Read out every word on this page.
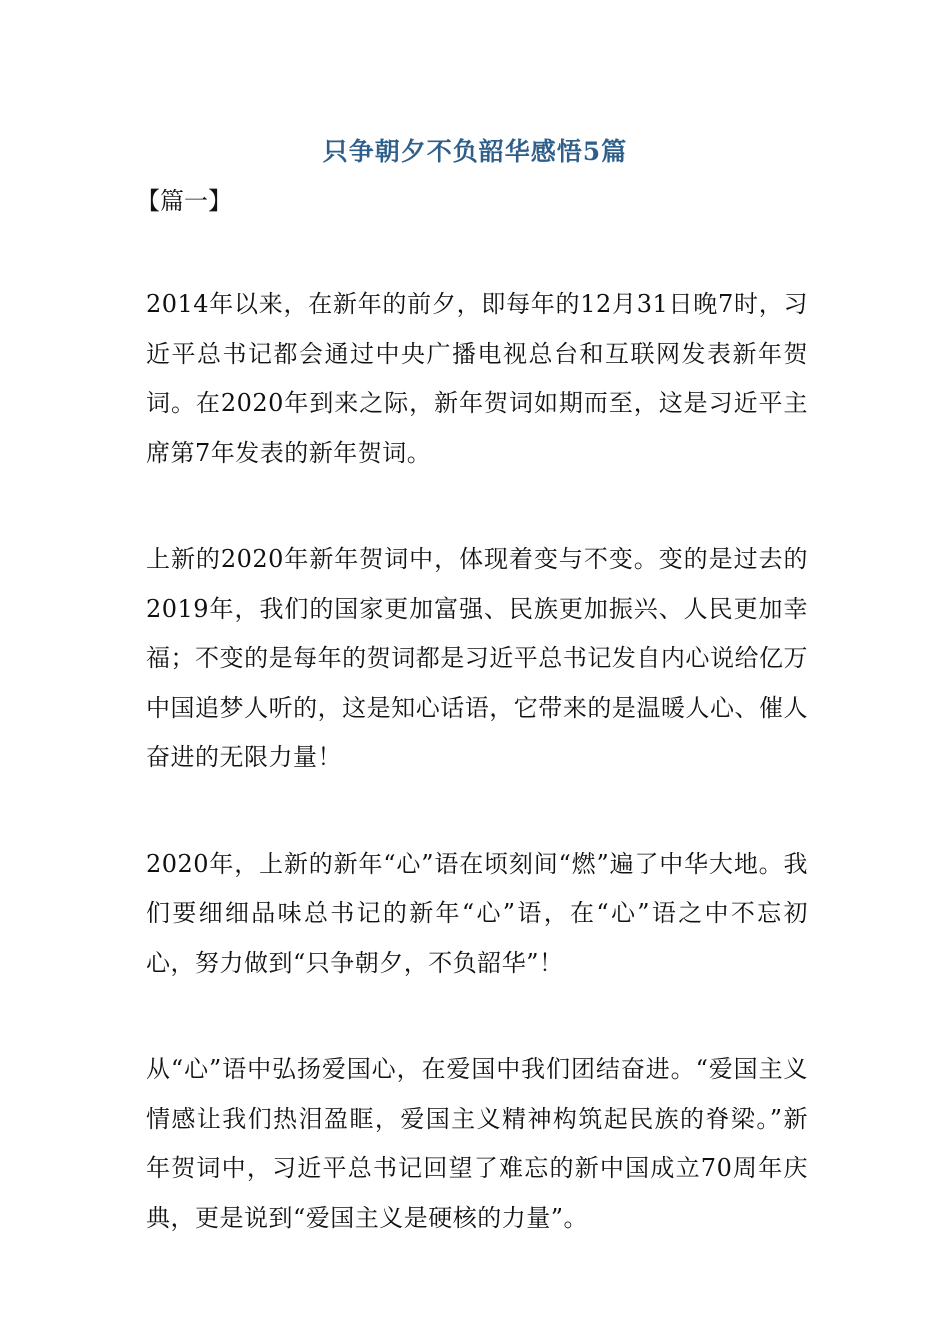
只争朝夕不负韶华感悟5篇

【篇一】

2014年以来，在新年的前夕，即每年的12月31日晚7时，习近平总书记都会通过中央广播电视总台和互联网发表新年贺词。在2020年到来之际，新年贺词如期而至，这是习近平主席第7年发表的新年贺词。

上新的2020年新年贺词中，体现着变与不变。变的是过去的2019年，我们的国家更加富强、民族更加振兴、人民更加幸福；不变的是每年的贺词都是习近平总书记发自内心说给亿万中国追梦人听的，这是知心话语，它带来的是温暖人心、催人奋进的无限力量！

2020年，上新的新年“心”语在顷刻间“燃”遍了中华大地。我们要细细品味总书记的新年“心”语，在“心”语之中不忘初心，努力做到“只争朝夕，不负韶华”！

从“心”语中弘扬爱国心，在爱国中我们团结奋进。“爱国主义情感让我们热泪盈眶，爱国主义精神构筑起民族的脊梁。”新年贺词中，习近平总书记回望了难忘的新中国成立70周年庆典，更是说到“爱国主义是硬核的力量”。
